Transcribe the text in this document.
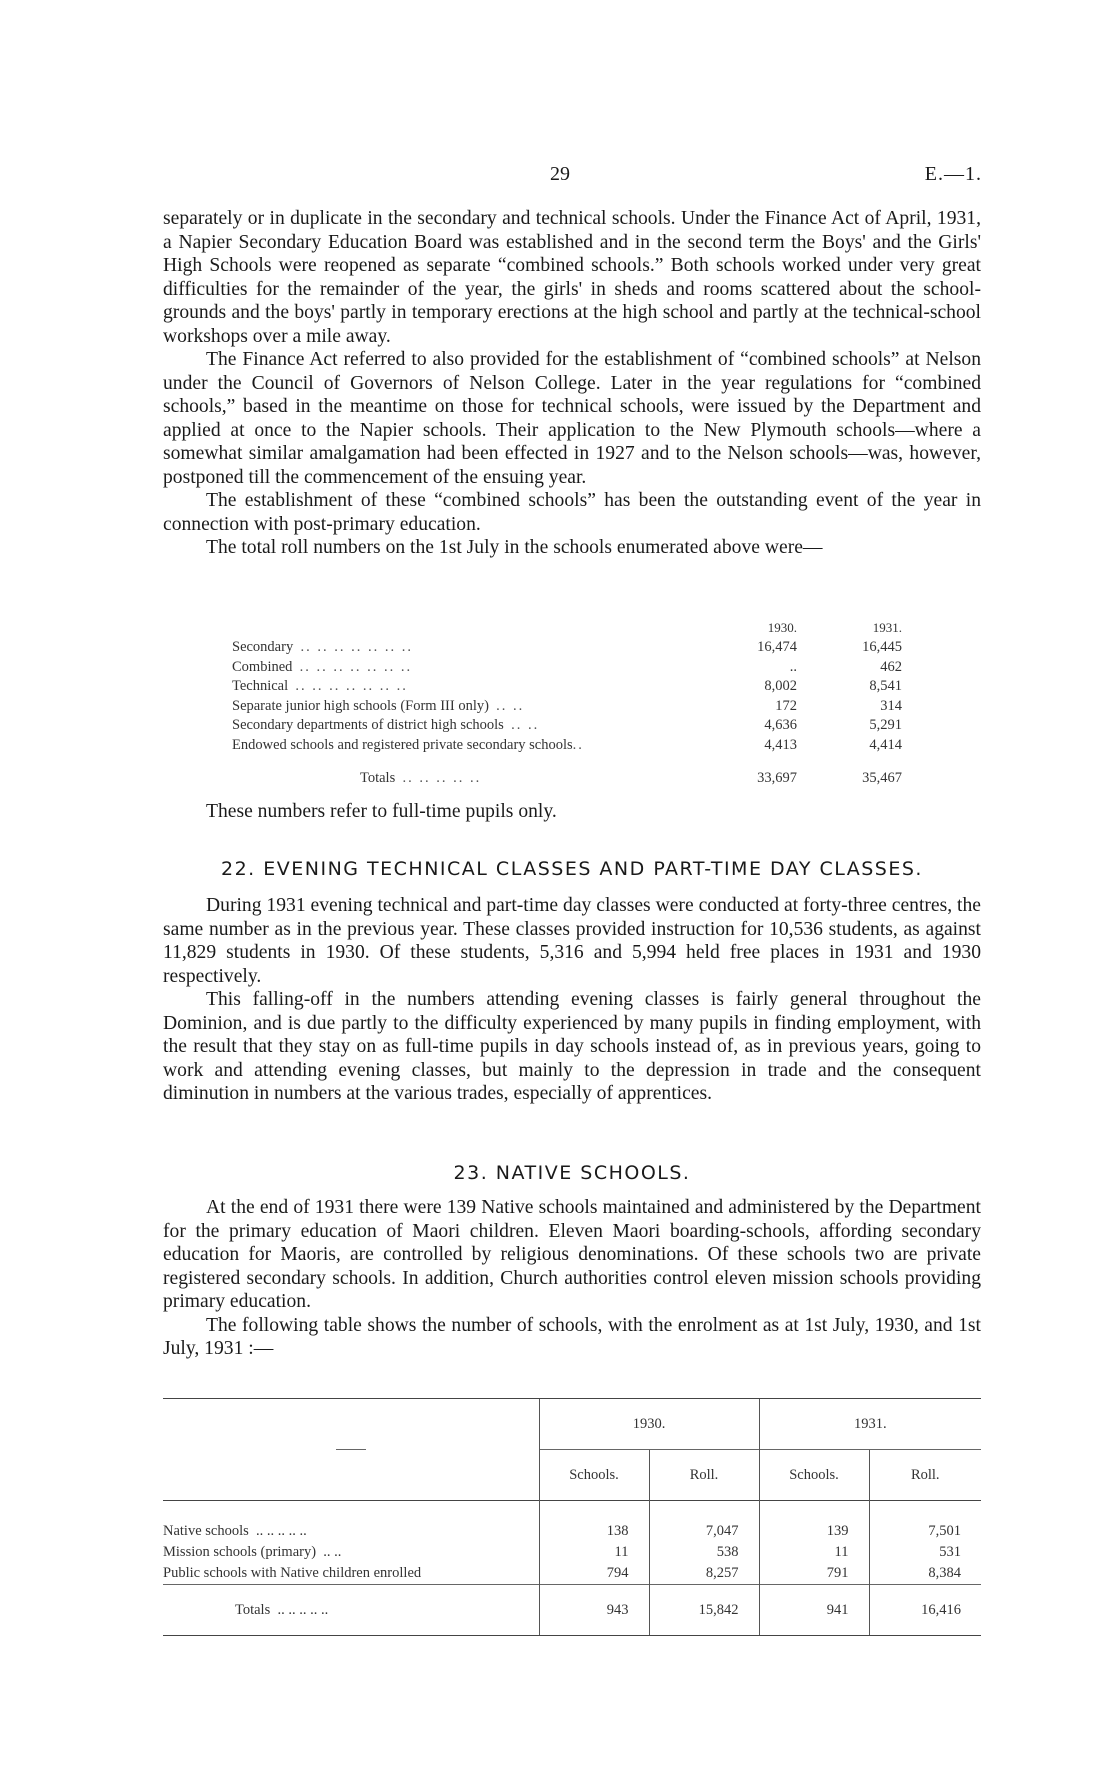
29	E.—1.

separately or in duplicate in the secondary and technical schools. Under the Finance Act of April, 1931, a Napier Secondary Education Board was established and in the second term the Boys' and the Girls' High Schools were reopened as separate “combined schools.” Both schools worked under very great difficulties for the remainder of the year, the girls' in sheds and rooms scattered about the school-grounds and the boys' partly in temporary erections at the high school and partly at the technical-school workshops over a mile away.

The Finance Act referred to also provided for the establishment of “combined schools” at Nelson under the Council of Governors of Nelson College. Later in the year regulations for “combined schools,” based in the meantime on those for technical schools, were issued by the Department and applied at once to the Napier schools. Their application to the New Plymouth schools—where a somewhat similar amalgamation had been effected in 1927 and to the Nelson schools—was, however, postponed till the commencement of the ensuing year.

The establishment of these “combined schools” has been the outstanding event of the year in connection with post-primary education.

The total roll numbers on the 1st July in the schools enumerated above were—

1930.	1931.
Secondary .. .. .. .. .. .. ..	16,474	16,445
Combined .. .. .. .. .. .. ..	..	462
Technical .. .. .. .. .. .. ..	8,002	8,541
Separate junior high schools (Form III only) .. ..	172	314
Secondary departments of district high schools .. ..	4,636	5,291
Endowed schools and registered private secondary schools..	4,413	4,414
Totals .. .. .. .. ..	33,697	35,467

These numbers refer to full-time pupils only.

22. EVENING TECHNICAL CLASSES AND PART-TIME DAY CLASSES.

During 1931 evening technical and part-time day classes were conducted at forty-three centres, the same number as in the previous year. These classes provided instruction for 10,536 students, as against 11,829 students in 1930. Of these students, 5,316 and 5,994 held free places in 1931 and 1930 respectively.

This falling-off in the numbers attending evening classes is fairly general throughout the Dominion, and is due partly to the difficulty experienced by many pupils in finding employment, with the result that they stay on as full-time pupils in day schools instead of, as in previous years, going to work and attending evening classes, but mainly to the depression in trade and the consequent diminution in numbers at the various trades, especially of apprentices.

23. NATIVE SCHOOLS.

At the end of 1931 there were 139 Native schools maintained and administered by the Department for the primary education of Maori children. Eleven Maori boarding-schools, affording secondary education for Maoris, are controlled by religious denominations. Of these schools two are private registered secondary schools. In addition, Church authorities control eleven mission schools providing primary education.

The following table shows the number of schools, with the enrolment as at 1st July, 1930, and 1st July, 1931 :—

	1930.		1931.	
	Schools.	Roll.	Schools.	Roll.
Native schools .. .. .. .. ..	138	7,047	139	7,501
Mission schools (primary) .. ..	11	538	11	531
Public schools with Native children enrolled	794	8,257	791	8,384
Totals .. .. .. .. ..	943	15,842	941	16,416
